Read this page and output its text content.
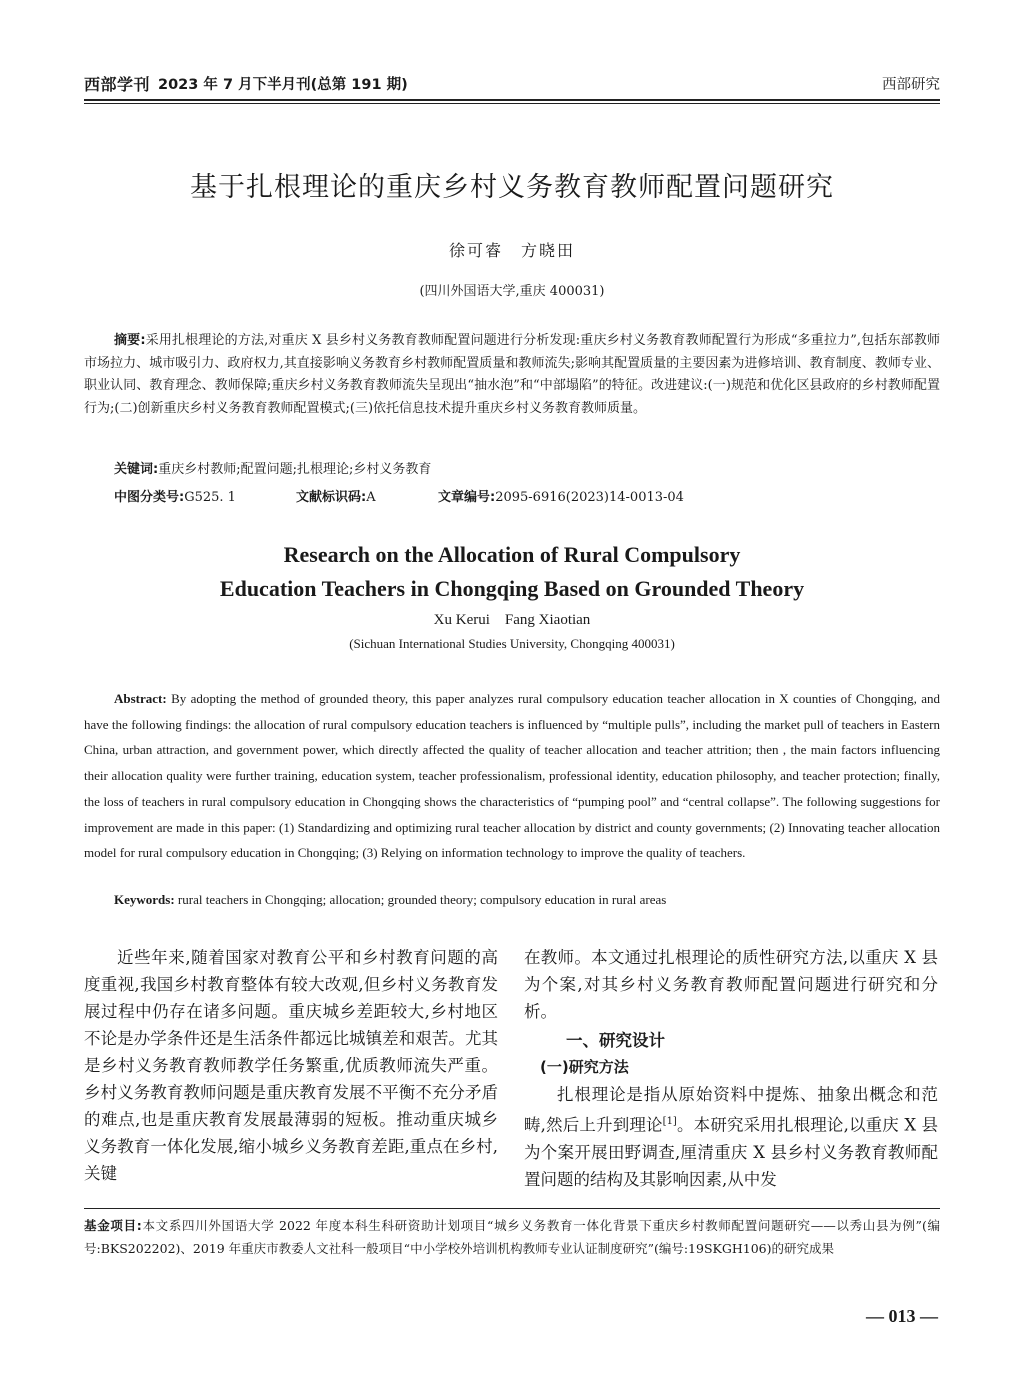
西部学刊 2023 年 7 月下半月刊(总第 191 期)	西部研究
基于扎根理论的重庆乡村义务教育教师配置问题研究
徐可睿　方晓田
(四川外国语大学,重庆 400031)
摘要:采用扎根理论的方法,对重庆 X 县乡村义务教育教师配置问题进行分析发现:重庆乡村义务教育教师配置行为形成“多重拉力”,包括东部教师市场拉力、城市吸引力、政府权力,其直接影响义务教育乡村教师配置质量和教师流失;影响其配置质量的主要因素为进修培训、教育制度、教师专业、职业认同、教育理念、教师保障;重庆乡村义务教育教师流失呈现出“抽水泡”和“中部塌陷”的特征。改进建议:(一)规范和优化区县政府的乡村教师配置行为;(二)创新重庆乡村义务教育教师配置模式;(三)依托信息技术提升重庆乡村义务教育教师质量。
关键词:重庆乡村教师;配置问题;扎根理论;乡村义务教育
中图分类号:G525. 1	文献标识码:A	文章编号:2095-6916(2023)14-0013-04
Research on the Allocation of Rural Compulsory
Education Teachers in Chongqing Based on Grounded Theory
Xu Kerui　Fang Xiaotian
(Sichuan International Studies University, Chongqing 400031)
Abstract: By adopting the method of grounded theory, this paper analyzes rural compulsory education teacher allocation in X counties of Chongqing, and have the following findings: the allocation of rural compulsory education teachers is influenced by “multiple pulls”, including the market pull of teachers in Eastern China, urban attraction, and government power, which directly affected the quality of teacher allocation and teacher attrition; then , the main factors influencing their allocation quality were further training, education system, teacher professionalism, professional identity, education philosophy, and teacher protection; finally, the loss of teachers in rural compulsory education in Chongqing shows the characteristics of “pumping pool” and “central collapse”. The following suggestions for improvement are made in this paper: (1) Standardizing and optimizing rural teacher allocation by district and county governments; (2) Innovating teacher allocation model for rural compulsory education in Chongqing; (3) Relying on information technology to improve the quality of teachers.
Keywords: rural teachers in Chongqing; allocation; grounded theory; compulsory education in rural areas

近些年来,随着国家对教育公平和乡村教育问题的高度重视,我国乡村教育整体有较大改观,但乡村义务教育发展过程中仍存在诸多问题。重庆城乡差距较大,乡村地区不论是办学条件还是生活条件都远比城镇差和艰苦。尤其是乡村义务教育教师教学任务繁重,优质教师流失严重。乡村义务教育教师问题是重庆教育发展不平衡不充分矛盾的难点,也是重庆教育发展最薄弱的短板。推动重庆城乡义务教育一体化发展,缩小城乡义务教育差距,重点在乡村,关键

在教师。本文通过扎根理论的质性研究方法,以重庆 X 县为个案,对其乡村义务教育教师配置问题进行研究和分析。

一、研究设计
(一)研究方法

扎根理论是指从原始资料中提炼、抽象出概念和范畴,然后上升到理论[1]。本研究采用扎根理论,以重庆 X 县为个案开展田野调查,厘清重庆 X 县乡村义务教育教师配置问题的结构及其影响因素,从中发

基金项目:本文系四川外国语大学 2022 年度本科生科研资助计划项目“城乡义务教育一体化背景下重庆乡村教师配置问题研究——以秀山县为例”(编号:BKS202202)、2019 年重庆市教委人文社科一般项目“中小学校外培训机构教师专业认证制度研究”(编号:19SKGH106)的研究成果
— 013 —
